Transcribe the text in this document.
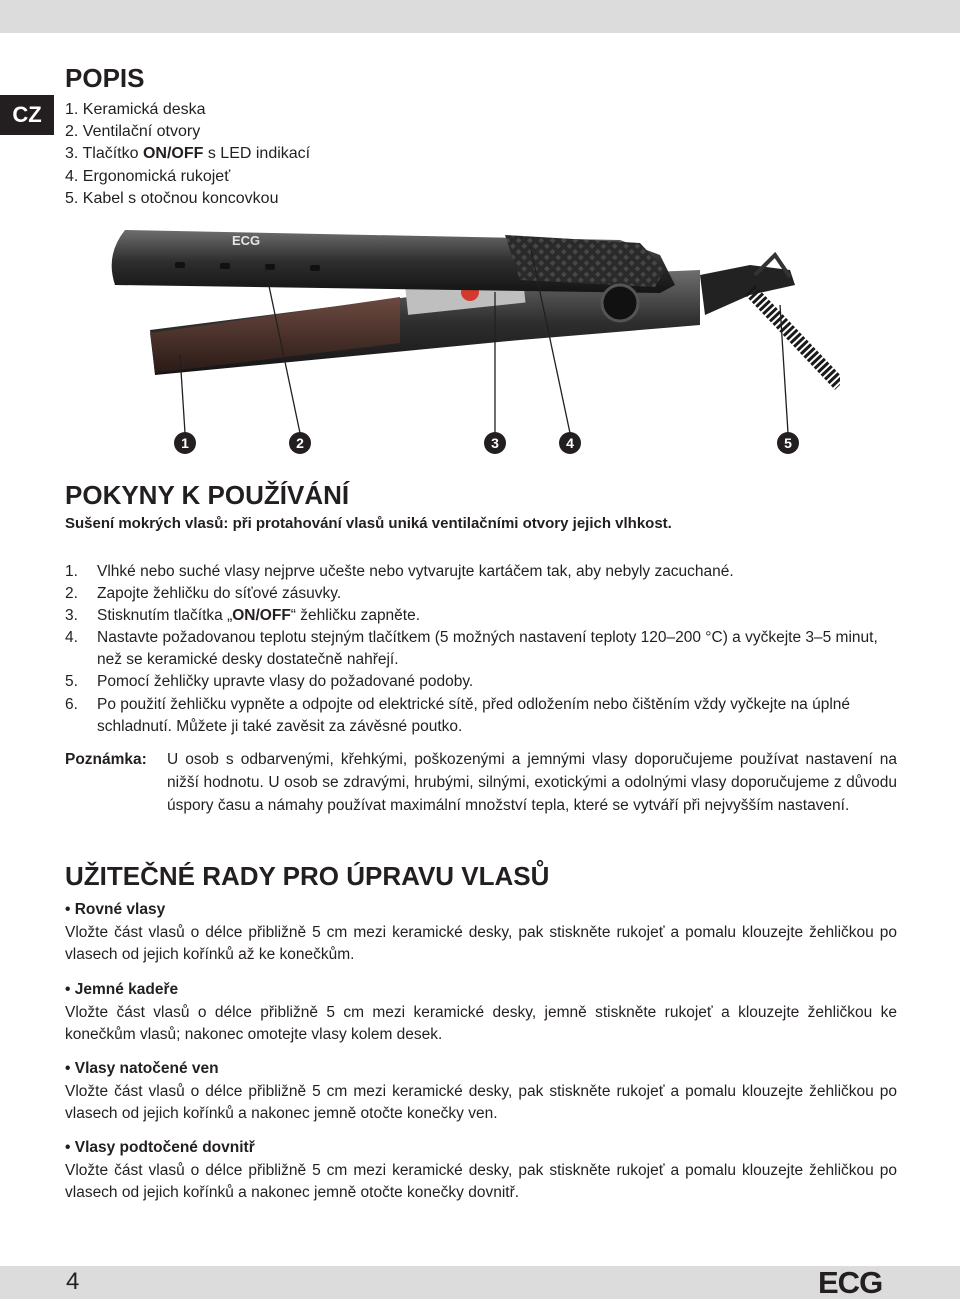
CZ
POPIS
1. Keramická deska
2. Ventilační otvory
3. Tlačítko ON/OFF s LED indikací
4. Ergonomická rukojeť
5. Kabel s otočnou koncovkou
ECG
1	2	3	4	5
POKYNY K POUŽÍVÁNÍ
Sušení mokrých vlasů: při protahování vlasů uniká ventilačními otvory jejich vlhkost.
1.	Vlhké nebo suché vlasy nejprve učešte nebo vytvarujte kartáčem tak, aby nebyly zacuchané.
2.	Zapojte žehličku do síťové zásuvky.
3.	Stisknutím tlačítka „ON/OFF“ žehličku zapněte.
4.	Nastavte požadovanou teplotu stejným tlačítkem (5 možných nastavení teploty 120–200 °C) a vyčkejte 3–5 minut, než se keramické desky dostatečně nahřejí.
5.	Pomocí žehličky upravte vlasy do požadované podoby.
6.	Po použití žehličku vypněte a odpojte od elektrické sítě, před odložením nebo čištěním vždy vyčkejte na úplné schladnutí. Můžete ji také zavěsit za závěsné poutko.
Poznámka:	U osob s odbarvenými, křehkými, poškozenými a jemnými vlasy doporučujeme používat nastavení na nižší hodnotu. U osob se zdravými, hrubými, silnými, exotickými a odolnými vlasy doporučujeme z důvodu úspory času a námahy používat maximální množství tepla, které se vytváří při nejvyšším nastavení.
UŽITEČNÉ RADY PRO ÚPRAVU VLASŮ
• Rovné vlasy
Vložte část vlasů o délce přibližně 5 cm mezi keramické desky, pak stiskněte rukojeť a pomalu klouzejte žehličkou po vlasech od jejich kořínků až ke konečkům.
• Jemné kadeře
Vložte část vlasů o délce přibližně 5 cm mezi keramické desky, jemně stiskněte rukojeť a klouzejte žehličkou ke konečkům vlasů; nakonec omotejte vlasy kolem desek.
• Vlasy natočené ven
Vložte část vlasů o délce přibližně 5 cm mezi keramické desky, pak stiskněte rukojeť a pomalu klouzejte žehličkou po vlasech od jejich kořínků a nakonec jemně otočte konečky ven.
• Vlasy podtočené dovnitř
Vložte část vlasů o délce přibližně 5 cm mezi keramické desky, pak stiskněte rukojeť a pomalu klouzejte žehličkou po vlasech od jejich kořínků a nakonec jemně otočte konečky dovnitř.
4	ECG
